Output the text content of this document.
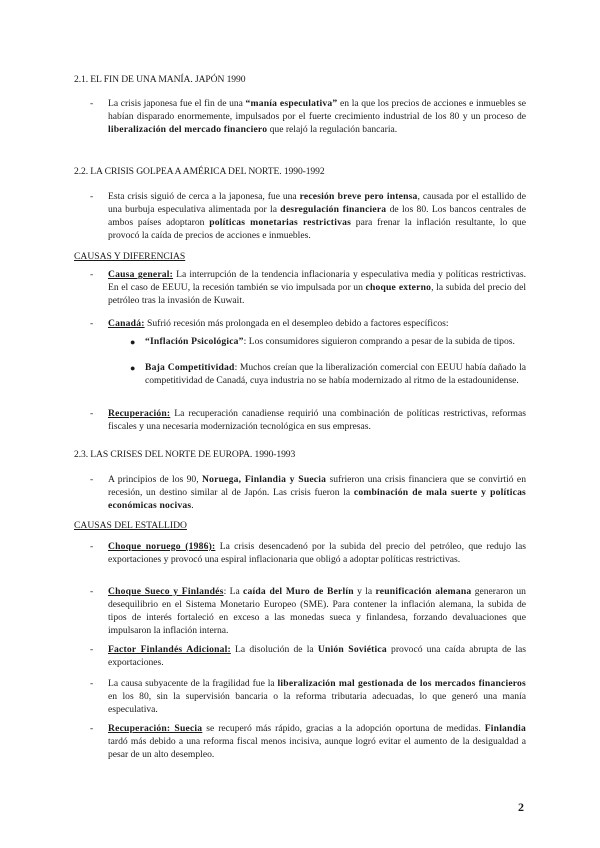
2.1. EL FIN DE UNA MANÍA. JAPÓN 1990
- La crisis japonesa fue el fin de una “manía especulativa” en la que los precios de acciones e inmuebles se habían disparado enormemente, impulsados por el fuerte crecimiento industrial de los 80 y un proceso de liberalización del mercado financiero que relajó la regulación bancaria.
2.2. LA CRISIS GOLPEA A AMÉRICA DEL NORTE. 1990-1992
- Esta crisis siguió de cerca a la japonesa, fue una recesión breve pero intensa, causada por el estallido de una burbuja especulativa alimentada por la desregulación financiera de los 80. Los bancos centrales de ambos países adoptaron políticas monetarias restrictivas para frenar la inflación resultante, lo que provocó la caída de precios de acciones e inmuebles.
CAUSAS Y DIFERENCIAS
- Causa general: La interrupción de la tendencia inflacionaria y especulativa media y políticas restrictivas. En el caso de EEUU, la recesión también se vio impulsada por un choque externo, la subida del precio del petróleo tras la invasión de Kuwait.
- Canadá: Sufrió recesión más prolongada en el desempleo debido a factores específicos:
● “Inflación Psicológica”: Los consumidores siguieron comprando a pesar de la subida de tipos.
● Baja Competitividad: Muchos creían que la liberalización comercial con EEUU había dañado la competitividad de Canadá, cuya industria no se había modernizado al ritmo de la estadounidense.
- Recuperación: La recuperación canadiense requirió una combinación de políticas restrictivas, reformas fiscales y una necesaria modernización tecnológica en sus empresas.
2.3. LAS CRISES DEL NORTE DE EUROPA. 1990-1993
- A principios de los 90, Noruega, Finlandia y Suecia sufrieron una crisis financiera que se convirtió en recesión, un destino similar al de Japón. Las crisis fueron la combinación de mala suerte y políticas económicas nocivas.
CAUSAS DEL ESTALLIDO
- Choque noruego (1986): La crisis desencadenó por la subida del precio del petróleo, que redujo las exportaciones y provocó una espiral inflacionaria que obligó a adoptar políticas restrictivas.
- Choque Sueco y Finlandés: La caída del Muro de Berlín y la reunificación alemana generaron un desequilibrio en el Sistema Monetario Europeo (SME). Para contener la inflación alemana, la subida de tipos de interés fortaleció en exceso a las monedas sueca y finlandesa, forzando devaluaciones que impulsaron la inflación interna.
- Factor Finlandés Adicional: La disolución de la Unión Soviética provocó una caída abrupta de las exportaciones.
- La causa subyacente de la fragilidad fue la liberalización mal gestionada de los mercados financieros en los 80, sin la supervisión bancaria o la reforma tributaria adecuadas, lo que generó una manía especulativa.
- Recuperación: Suecia se recuperó más rápido, gracias a la adopción oportuna de medidas. Finlandia tardó más debido a una reforma fiscal menos incisiva, aunque logró evitar el aumento de la desigualdad a pesar de un alto desempleo.
2
